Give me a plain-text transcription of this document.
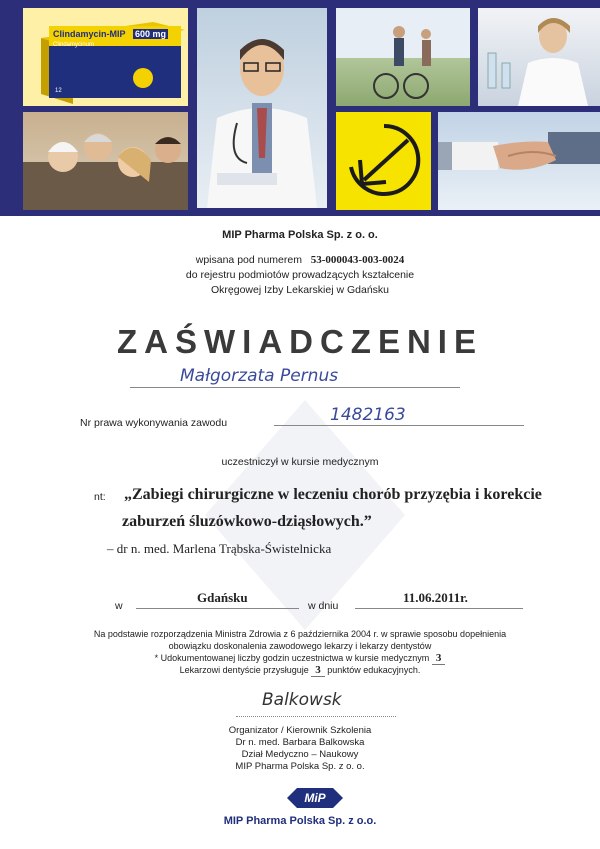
Clindamycin-MIP 600 mg
Clindamycinum
12
MIP Pharma Polska Sp. z o. o.
wpisana pod numerem 53-000043-003-0024
do rejestru podmiotów prowadzących kształcenie
Okręgowej Izby Lekarskiej w Gdańsku
ZAŚWIADCZENIE
Małgorzata Pernus
Nr prawa wykonywania zawodu	1482163
uczestniczył w kursie medycznym
nt: „Zabiegi chirurgiczne w leczeniu chorób przyzębia i korekcie
zaburzeń śluzówkowo-dziąsłowych.”
– dr n. med. Marlena Trąbska-Świstelnicka
w
Gdańsku
w dniu
11.06.2011r.
Na podstawie rozporządzenia Ministra Zdrowia z 6 października 2004 r. w sprawie sposobu dopełnienia
obowiązku doskonalenia zawodowego lekarzy i lekarzy dentystów
* Udokumentowanej liczby godzin uczestnictwa w kursie medycznym 3
Lekarzowi dentyście przysługuje 3 punktów edukacyjnych.
Balkowsk
Organizator / Kierownik Szkolenia
Dr n. med. Barbara Balkowska
Dział Medyczno – Naukowy
MIP Pharma Polska Sp. z o. o.
MiP
MIP Pharma Polska Sp. z o.o.
